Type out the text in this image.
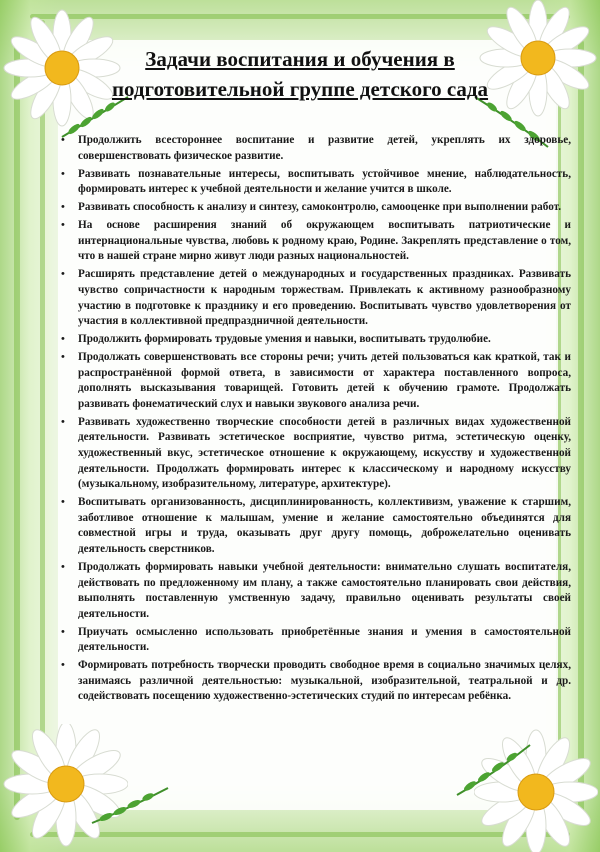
Задачи воспитания и обучения в
подготовительной группе детского сада
• Продолжить всестороннее воспитание и развитие детей, укреплять их здоровье, совершенствовать физическое развитие.
• Развивать познавательные интересы, воспитывать устойчивое мнение, наблюдательность, формировать интерес к учебной деятельности и желание учится в школе.
• Развивать способность к анализу и синтезу, самоконтролю, самооценке при выполнении работ.
• На основе расширения знаний об окружающем воспитывать патриотические и интернациональные чувства, любовь к родному краю, Родине. Закреплять представление о том, что в нашей стране мирно живут люди разных национальностей.
• Расширять представление детей о международных и государственных праздниках. Развивать чувство сопричастности к народным торжествам. Привлекать к активному разнообразному участию в подготовке к празднику и его проведению. Воспитывать чувство удовлетворения от участия в коллективной предпраздничной деятельности.
• Продолжить формировать трудовые умения и навыки, воспитывать трудолюбие.
• Продолжать совершенствовать все стороны речи; учить детей пользоваться как краткой, так и распространённой формой ответа, в зависимости от характера поставленного вопроса, дополнять высказывания товарищей. Готовить детей к обучению грамоте. Продолжать развивать фонематический слух и навыки звукового анализа речи.
• Развивать художественно творческие способности детей в различных видах художественной деятельности. Развивать эстетическое восприятие, чувство ритма, эстетическую оценку, художественный вкус, эстетическое отношение к окружающему, искусству и художественной деятельности. Продолжать формировать интерес к классическому и народному искусству (музыкальному, изобразительному, литературе, архитектуре).
• Воспитывать организованность, дисциплинированность, коллективизм, уважение к старшим, заботливое отношение к малышам, умение и желание самостоятельно объединятся для совместной игры и труда, оказывать друг другу помощь, доброжелательно оценивать деятельность сверстников.
• Продолжать формировать навыки учебной деятельности: внимательно слушать воспитателя, действовать по предложенному им плану, а также самостоятельно планировать свои действия, выполнять поставленную умственную задачу, правильно оценивать результаты своей деятельности.
• Приучать осмысленно использовать приобретённые знания и умения в самостоятельной деятельности.
• Формировать потребность творчески проводить свободное время в социально значимых целях, занимаясь различной деятельностью: музыкальной, изобразительной, театральной и др. содействовать посещению художественно-эстетических студий по интересам ребёнка.
